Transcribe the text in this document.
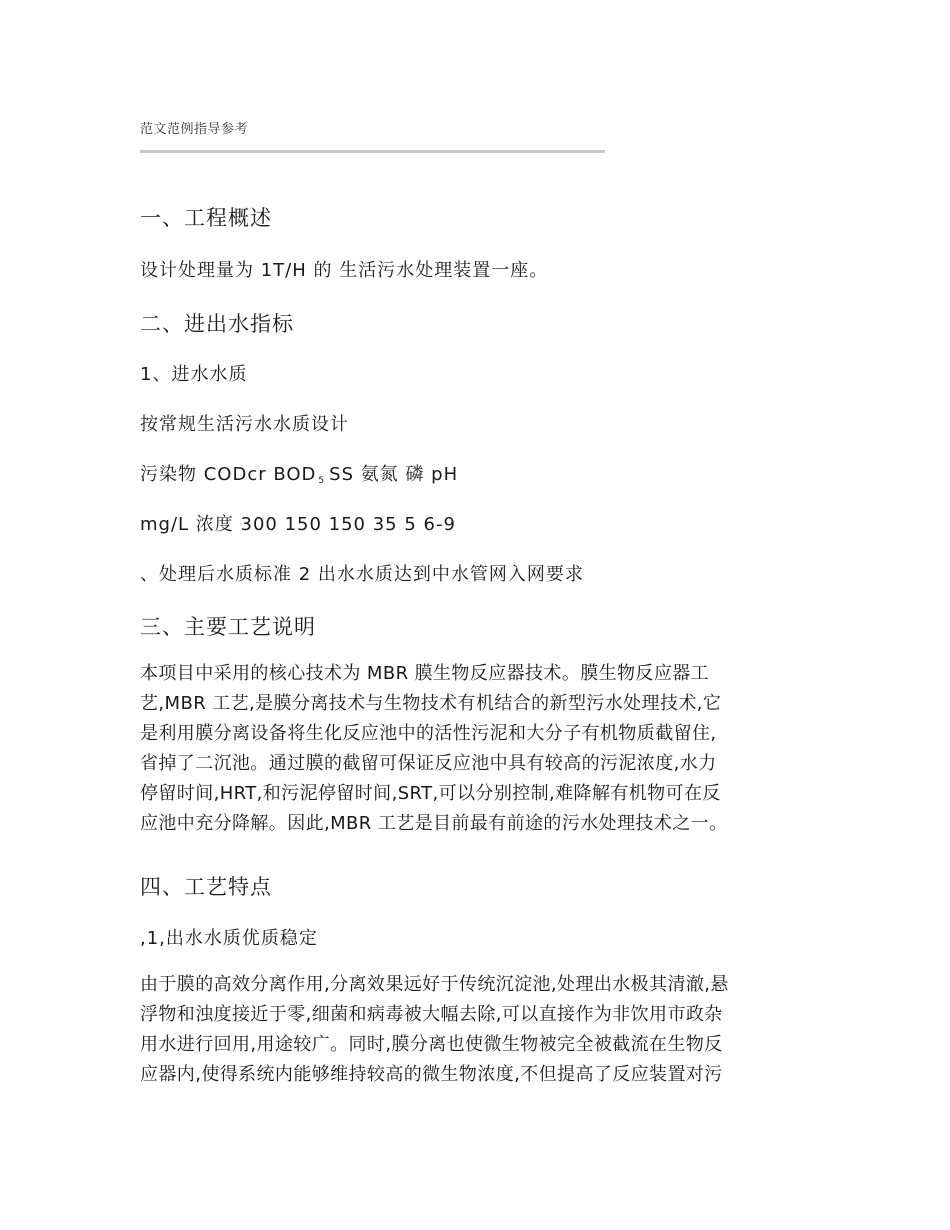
范文范例指导参考
一、工程概述
设计处理量为 1T/H 的 生活污水处理装置一座。
二、进出水指标
1、进水水质
按常规生活污水水质设计
污染物 CODcr BOD $_5$ SS 氨氮 磷 pH
mg/L 浓度 300 150 150 35 5 6-9
、处理后水质标准 2 出水水质达到中水管网入网要求
三、主要工艺说明
本项目中采用的核心技术为 MBR 膜生物反应器技术。膜生物反应器工
艺,MBR 工艺,是膜分离技术与生物技术有机结合的新型污水处理技术,它
是利用膜分离设备将生化反应池中的活性污泥和大分子有机物质截留住,
省掉了二沉池。通过膜的截留可保证反应池中具有较高的污泥浓度,水力
停留时间,HRT,和污泥停留时间,SRT,可以分别控制,难降解有机物可在反
应池中充分降解。因此,MBR 工艺是目前最有前途的污水处理技术之一。
四、工艺特点
,1,出水水质优质稳定
由于膜的高效分离作用,分离效果远好于传统沉淀池,处理出水极其清澈,悬
浮物和浊度接近于零,细菌和病毒被大幅去除,可以直接作为非饮用市政杂
用水进行回用,用途较广。同时,膜分离也使微生物被完全被截流在生物反
应器内,使得系统内能够维持较高的微生物浓度,不但提高了反应装置对污
